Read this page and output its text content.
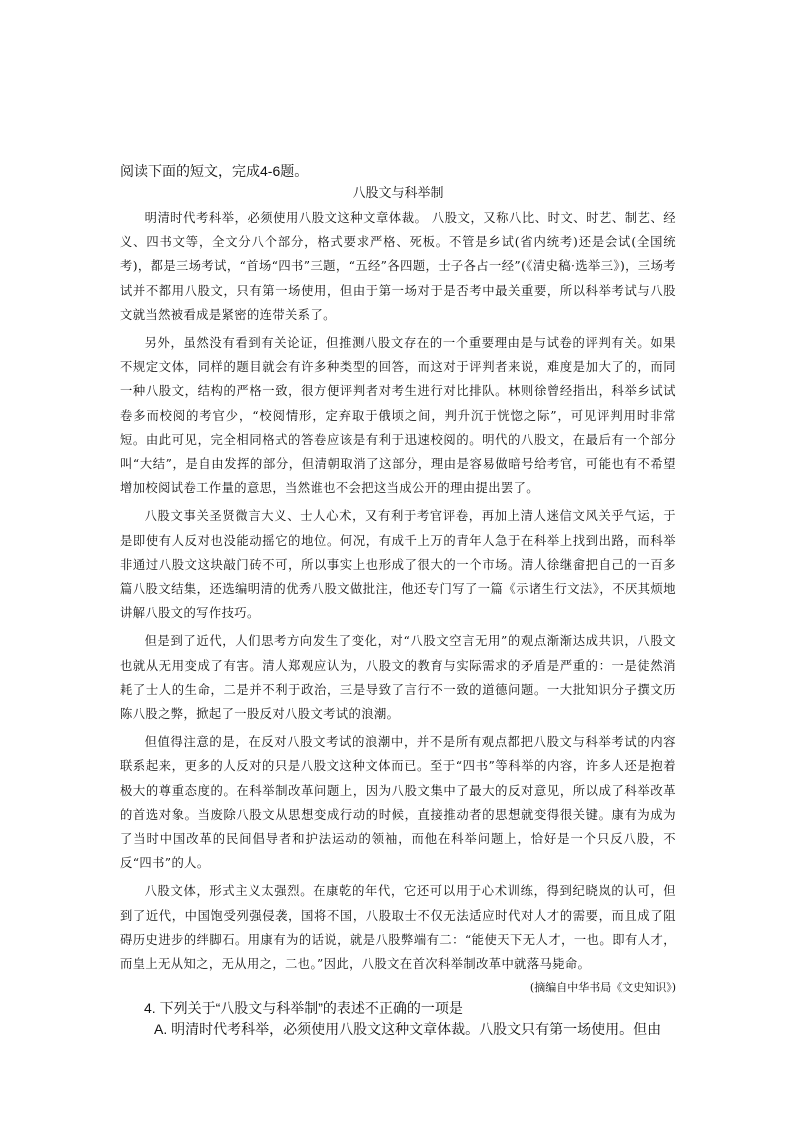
阅读下面的短文，完成4-6题。

八股文与科举制

明清时代考科举，必须使用八股文这种文章体裁。 八股文，又称八比、时文、时艺、制艺、经义、四书文等，全文分八个部分，格式要求严格、死板。不管是乡试(省内统考)还是会试(全国统考)，都是三场考试，“首场“四书”三题，“五经”各四题，士子各占一经”(《清史稿·选举三》)，三场考试并不都用八股文，只有第一场使用，但由于第一场对于是否考中最关重要，所以科举考试与八股文就当然被看成是紧密的连带关系了。

另外，虽然没有看到有关论证，但推测八股文存在的一个重要理由是与试卷的评判有关。如果不规定文体，同样的题目就会有许多种类型的回答，而这对于评判者来说，难度是加大了的，而同一种八股文，结构的严格一致，很方便评判者对考生进行对比排队。林则徐曾经指出，科举乡试试卷多而校阅的考官少，“校阅情形，定弃取于俄顷之间，判升沉于恍惚之际”，可见评判用时非常短。由此可见，完全相同格式的答卷应该是有利于迅速校阅的。明代的八股文，在最后有一个部分叫“大结”，是自由发挥的部分，但清朝取消了这部分，理由是容易做暗号给考官，可能也有不希望增加校阅试卷工作量的意思，当然谁也不会把这当成公开的理由提出罢了。

八股文事关圣贤微言大义、士人心术，又有利于考官评卷，再加上清人迷信文风关乎气运，于是即使有人反对也没能动摇它的地位。何况，有成千上万的青年人急于在科举上找到出路，而科举非通过八股文这块敲门砖不可，所以事实上也形成了很大的一个市场。清人徐继畲把自己的一百多篇八股文结集，还选编明清的优秀八股文做批注，他还专门写了一篇《示诸生行文法》，不厌其烦地讲解八股文的写作技巧。

但是到了近代，人们思考方向发生了变化，对“八股文空言无用”的观点渐渐达成共识，八股文也就从无用变成了有害。清人郑观应认为，八股文的教育与实际需求的矛盾是严重的：一是徒然消耗了士人的生命，二是并不利于政治，三是导致了言行不一致的道德问题。一大批知识分子撰文历陈八股之弊，掀起了一股反对八股文考试的浪潮。

但值得注意的是，在反对八股文考试的浪潮中，并不是所有观点都把八股文与科举考试的内容联系起来，更多的人反对的只是八股文这种文体而已。至于“四书”等科举的内容，许多人还是抱着极大的尊重态度的。在科举制改革问题上，因为八股文集中了最大的反对意见，所以成了科举改革的首选对象。当废除八股文从思想变成行动的时候，直接推动者的思想就变得很关键。康有为成为了当时中国改革的民间倡导者和护法运动的领袖，而他在科举问题上，恰好是一个只反八股，不反“四书”的人。

八股文体，形式主义太强烈。在康乾的年代，它还可以用于心术训练，得到纪晓岚的认可，但到了近代，中国饱受列强侵袭，国将不国，八股取士不仅无法适应时代对人才的需要，而且成了阻碍历史进步的绊脚石。用康有为的话说，就是八股弊端有二：“能使天下无人才，一也。即有人才，而皇上无从知之，无从用之，二也。”因此，八股文在首次科举制改革中就落马毙命。

(摘编自中华书局《文史知识》)

4. 下列关于“八股文与科举制”的表述不正确的一项是

A. 明清时代考科举，必须使用八股文这种文章体裁。八股文只有第一场使用。但由
